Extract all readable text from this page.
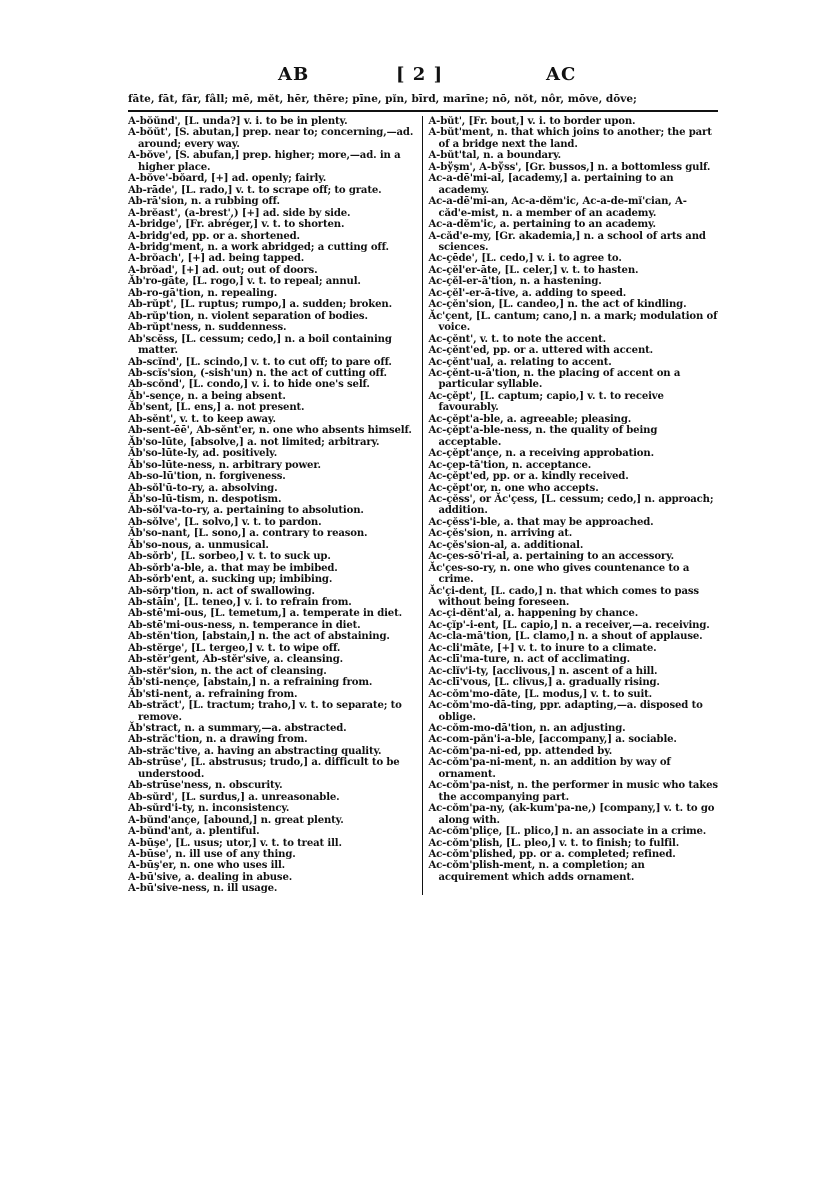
AB	[ 2 ]	AC
fāte, fāt, fār, fâll; mē, mĕt, hēr, thēre; pīne, pĭn, bīrd, marīne; nō, nŏt, nôr, mōve, dōve;
A-bŏŭnd', [L. unda?] v. i. to be in plenty.
A-bŏŭt', [S. abutan,] prep. near to; concerning,—ad. around; every way.
A-bŏve', [S. abufan,] prep. higher; more,—ad. in a higher place.
A-bŏve'-bŏard, [+] ad. openly; fairly.
Ab-rāde', [L. rado,] v. t. to scrape off; to grate.
Ab-rā'sion, n. a rubbing off.
A-brĕast', (a-brest',) [+] ad. side by side.
A-bridge', [Fr. abréger,] v. t. to shorten.
A-bridg'ed, pp. or a. shortened.
A-bridg'ment, n. a work abridged; a cutting off.
A-brŏach', [+] ad. being tapped.
A-brŏad', [+] ad. out; out of doors.
Ăb'ro-gāte, [L. rogo,] v. t. to repeal; annul.
Ab-ro-gā'tion, n. repealing.
Ab-rŭpt', [L. ruptus; rumpo,] a. sudden; broken.
Ab-rŭp'tion, n. violent separation of bodies.
Ab-rŭpt'ness, n. suddenness.
Ab'scĕss, [L. cessum; cedo,] n. a boil containing matter.
Ab-scĭnd', [L. scindo,] v. t. to cut off; to pare off.
Ab-scĭs'sion, (-sish'un) n. the act of cutting off.
Ab-scŏnd', [L. condo,] v. i. to hide one's self.
Ăb'-sençe, n. a being absent.
Ăb'sent, [L. ens,] a. not present.
Ab-sĕnt', v. t. to keep away.
Ab-sent-ēē', Ab-sĕnt'er, n. one who absents himself.
Ăb'so-lūte, [absolve,] a. not limited; arbitrary.
Ăb'so-lūte-ly, ad. positively.
Ăb'so-lūte-ness, n. arbitrary power.
Ab-so-lū'tion, n. forgiveness.
Ab-sŏl'ū-to-ry, a. absolving.
Ăb'so-lū-tism, n. despotism.
Ab-sŏl'va-to-ry, a. pertaining to absolution.
Ab-sŏlve', [L. solvo,] v. t. to pardon.
Ăb'so-nant, [L. sono,] a. contrary to reason.
Ăb'so-nous, a. unmusical.
Ab-sŏrb', [L. sorbeo,] v. t. to suck up.
Ab-sŏrb'a-ble, a. that may be imbibed.
Ab-sŏrb'ent, a. sucking up; imbibing.
Ab-sŏrp'tion, n. act of swallowing.
Ab-stāin', [L. teneo,] v. i. to refrain from.
Ab-stē'mi-ous, [L. temetum,] a. temperate in diet.
Ab-stē'mi-ous-ness, n. temperance in diet.
Ab-stĕn'tion, [abstain,] n. the act of abstaining.
Ab-stĕrge', [L. tergeo,] v. t. to wipe off.
Ab-stĕr'gent, Ab-stĕr'sive, a. cleansing.
Ab-stĕr'sion, n. the act of cleansing.
Ăb'sti-nençe, [abstain,] n. a refraining from.
Ăb'sti-nent, a. refraining from.
Ab-străct', [L. tractum; traho,] v. t. to separate; to remove.
Ăb'stract, n. a summary,—a. abstracted.
Ab-străc'tion, n. a drawing from.
Ab-străc'tive, a. having an abstracting quality.
Ab-strūse', [L. abstrusus; trudo,] a. difficult to be understood.
Ab-strūse'ness, n. obscurity.
Ab-sŭrd', [L. surdus,] a. unreasonable.
Ab-sŭrd'i-ty, n. inconsistency.
A-bŭnd'ançe, [abound,] n. great plenty.
A-bŭnd'ant, a. plentiful.
A-būşe', [L. usus; utor,] v. t. to treat ill.
A-būse', n. ill use of any thing.
A-būş'er, n. one who uses ill.
A-bū'sive, a. dealing in abuse.
A-bū'sive-ness, n. ill usage.
A-bŭt', [Fr. bout,] v. i. to border upon.
A-bŭt'ment, n. that which joins to another; the part of a bridge next the land.
A-bŭt'tal, n. a boundary.
A-bўşm', A-bўss', [Gr. bussos,] n. a bottomless gulf.
Ac-a-dē'mi-al, [academy,] a. pertaining to an academy.
Ac-a-dē'mi-an, Ac-a-dĕm'ic, Ac-a-de-mĭ'cian, A-căd'e-mist, n. a member of an academy.
Ac-a-dĕm'ic, a. pertaining to an academy.
A-căd'e-my, [Gr. akademia,] n. a school of arts and sciences.
Ac-çēde', [L. cedo,] v. i. to agree to.
Ac-çĕl'er-āte, [L. celer,] v. t. to hasten.
Ac-çĕl-er-ā'tion, n. a hastening.
Ac-çĕl'-er-ā-tive, a. adding to speed.
Ac-çĕn'sion, [L. candeo,] n. the act of kindling.
Ăc'çent, [L. cantum; cano,] n. a mark; modulation of voice.
Ac-çĕnt', v. t. to note the accent.
Ac-çĕnt'ed, pp. or a. uttered with accent.
Ac-çĕnt'ual, a. relating to accent.
Ac-çĕnt-u-ā'tion, n. the placing of accent on a particular syllable.
Ac-çĕpt', [L. captum; capio,] v. t. to receive favourably.
Ac-çĕpt'a-ble, a. agreeable; pleasing.
Ac-çĕpt'a-ble-ness, n. the quality of being acceptable.
Ac-çĕpt'ançe, n. a receiving approbation.
Ac-çep-tā'tion, n. acceptance.
Ac-çĕpt'ed, pp. or a. kindly received.
Ac-çĕpt'or, n. one who accepts.
Ac-çĕss', or Ăc'çess, [L. cessum; cedo,] n. approach; addition.
Ac-çĕss'i-ble, a. that may be approached.
Ac-çĕs'sion, n. arriving at.
Ac-çĕs'sion-al, a. additional.
Ac-çes-sō'ri-al, a. pertaining to an accessory.
Ăc'çes-so-ry, n. one who gives countenance to a crime.
Ăc'çi-dent, [L. cado,] n. that which comes to pass without being foreseen.
Ac-çi-dĕnt'al, a. happening by chance.
Ac-çĭp'-i-ent, [L. capio,] n. a receiver,—a. receiving.
Ac-cla-mā'tion, [L. clamo,] n. a shout of applause.
Ac-cli'māte, [+] v. t. to inure to a climate.
Ac-clī'ma-ture, n. act of acclimating.
Ac-clĭv'i-ty, [acclivous,] n. ascent of a hill.
Ac-clī'vous, [L. clivus,] a. gradually rising.
Ac-cŏm'mo-dāte, [L. modus,] v. t. to suit.
Ac-cŏm'mo-dā-ting, ppr. adapting,—a. disposed to oblige.
Ac-cŏm-mo-dā'tion, n. an adjusting.
Ac-com-păn'i-a-ble, [accompany,] a. sociable.
Ac-cŏm'pa-ni-ed, pp. attended by.
Ac-cŏm'pa-ni-ment, n. an addition by way of ornament.
Ac-cŏm'pa-nist, n. the performer in music who takes the accompanying part.
Ac-cŏm'pa-ny, (ak-kum'pa-ne,) [company,] v. t. to go along with.
Ac-cŏm'pliçe, [L. plico,] n. an associate in a crime.
Ac-cŏm'plish, [L. pleo,] v. t. to finish; to fulfil.
Ac-cŏm'plished, pp. or a. completed; refined.
Ac-cŏm'plish-ment, n. a completion; an acquirement which adds ornament.
